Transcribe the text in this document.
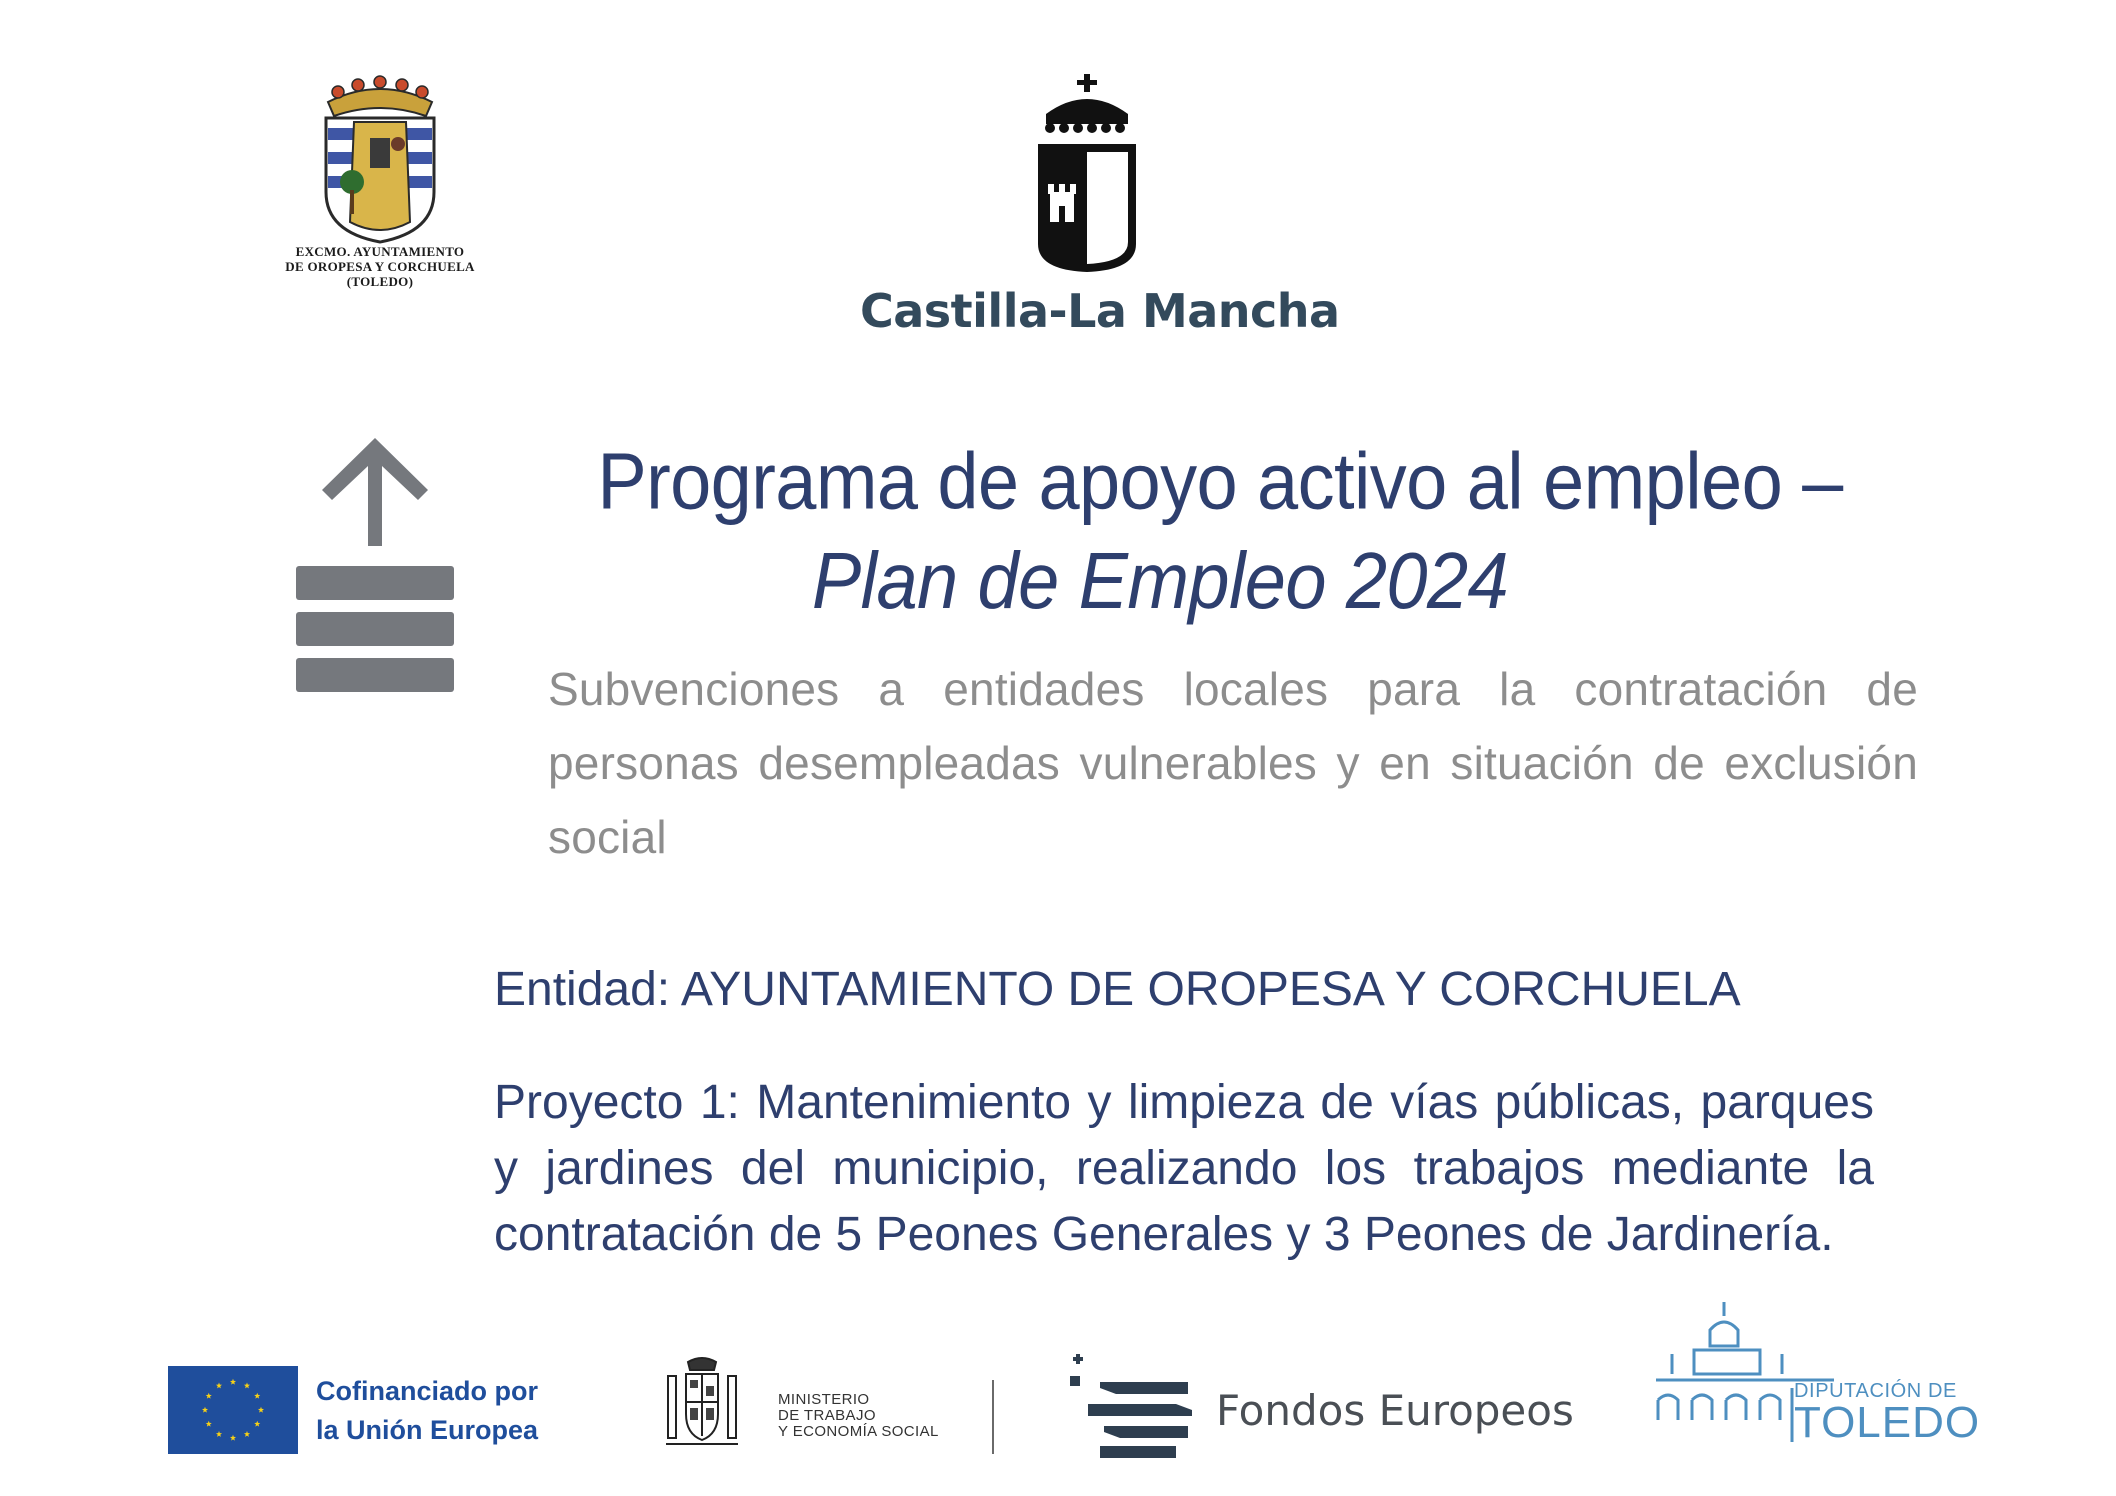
EXCMO. AYUNTAMIENTO
DE OROPESA Y CORCHUELA
(TOLEDO)
Castilla-La Mancha
Programa de apoyo activo al empleo –
Plan de Empleo 2024
Subvenciones a entidades locales para la contratación de personas desempleadas vulnerables y en situación de exclusión social
Entidad: AYUNTAMIENTO DE OROPESA Y CORCHUELA
Proyecto 1: Mantenimiento y limpieza de vías públicas, parques y jardines del municipio, realizando los trabajos mediante la contratación de 5 Peones Generales y 3 Peones de Jardinería.
Cofinanciado por
la Unión Europea
MINISTERIO
DE TRABAJO
Y ECONOMÍA SOCIAL	Fondos Europeos	DIPUTACIÓN DE
TOLEDO
